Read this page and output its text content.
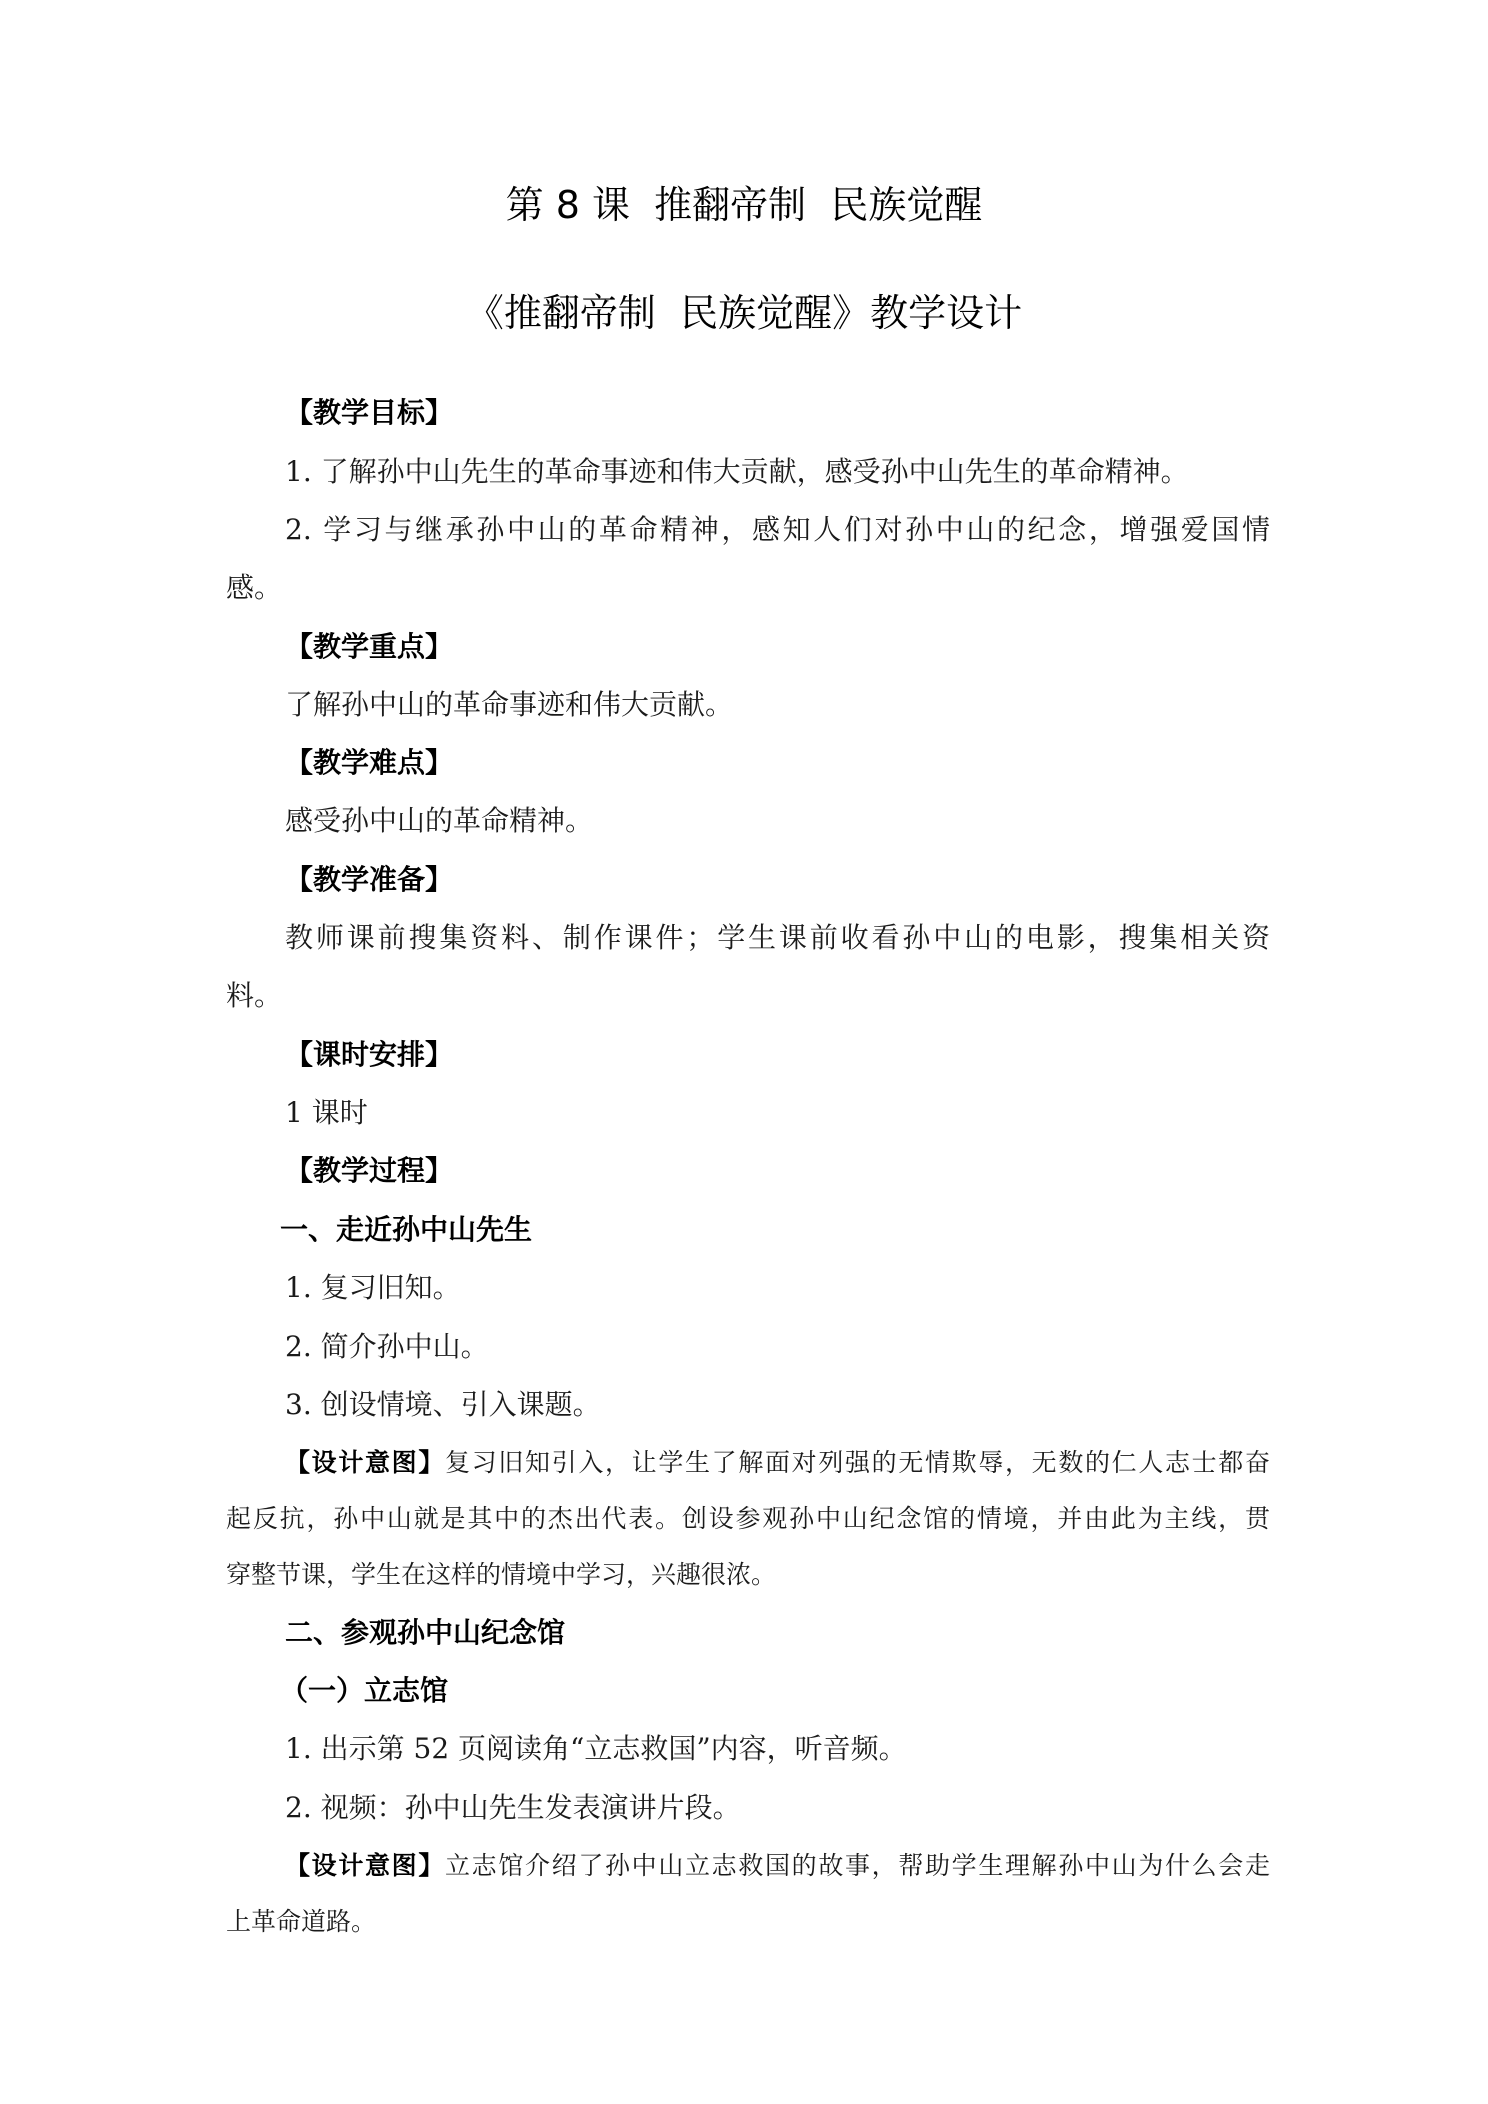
第 8 课  推翻帝制  民族觉醒
《推翻帝制  民族觉醒》教学设计
【教学目标】
1. 了解孙中山先生的革命事迹和伟大贡献，感受孙中山先生的革命精神。
2. 学习与继承孙中山的革命精神，感知人们对孙中山的纪念，增强爱国情
感。
【教学重点】
了解孙中山的革命事迹和伟大贡献。
【教学难点】
感受孙中山的革命精神。
【教学准备】
教师课前搜集资料、制作课件；学生课前收看孙中山的电影，搜集相关资
料。
【课时安排】
1 课时
【教学过程】
一、走近孙中山先生
1. 复习旧知。
2. 简介孙中山。
3. 创设情境、引入课题。
【设计意图】复习旧知引入，让学生了解面对列强的无情欺辱，无数的仁人志士都奋
起反抗，孙中山就是其中的杰出代表。创设参观孙中山纪念馆的情境，并由此为主线，贯
穿整节课，学生在这样的情境中学习，兴趣很浓。
二、参观孙中山纪念馆
（一）立志馆
1. 出示第 52 页阅读角“立志救国”内容，听音频。
2. 视频：孙中山先生发表演讲片段。
【设计意图】立志馆介绍了孙中山立志救国的故事，帮助学生理解孙中山为什么会走
上革命道路。
